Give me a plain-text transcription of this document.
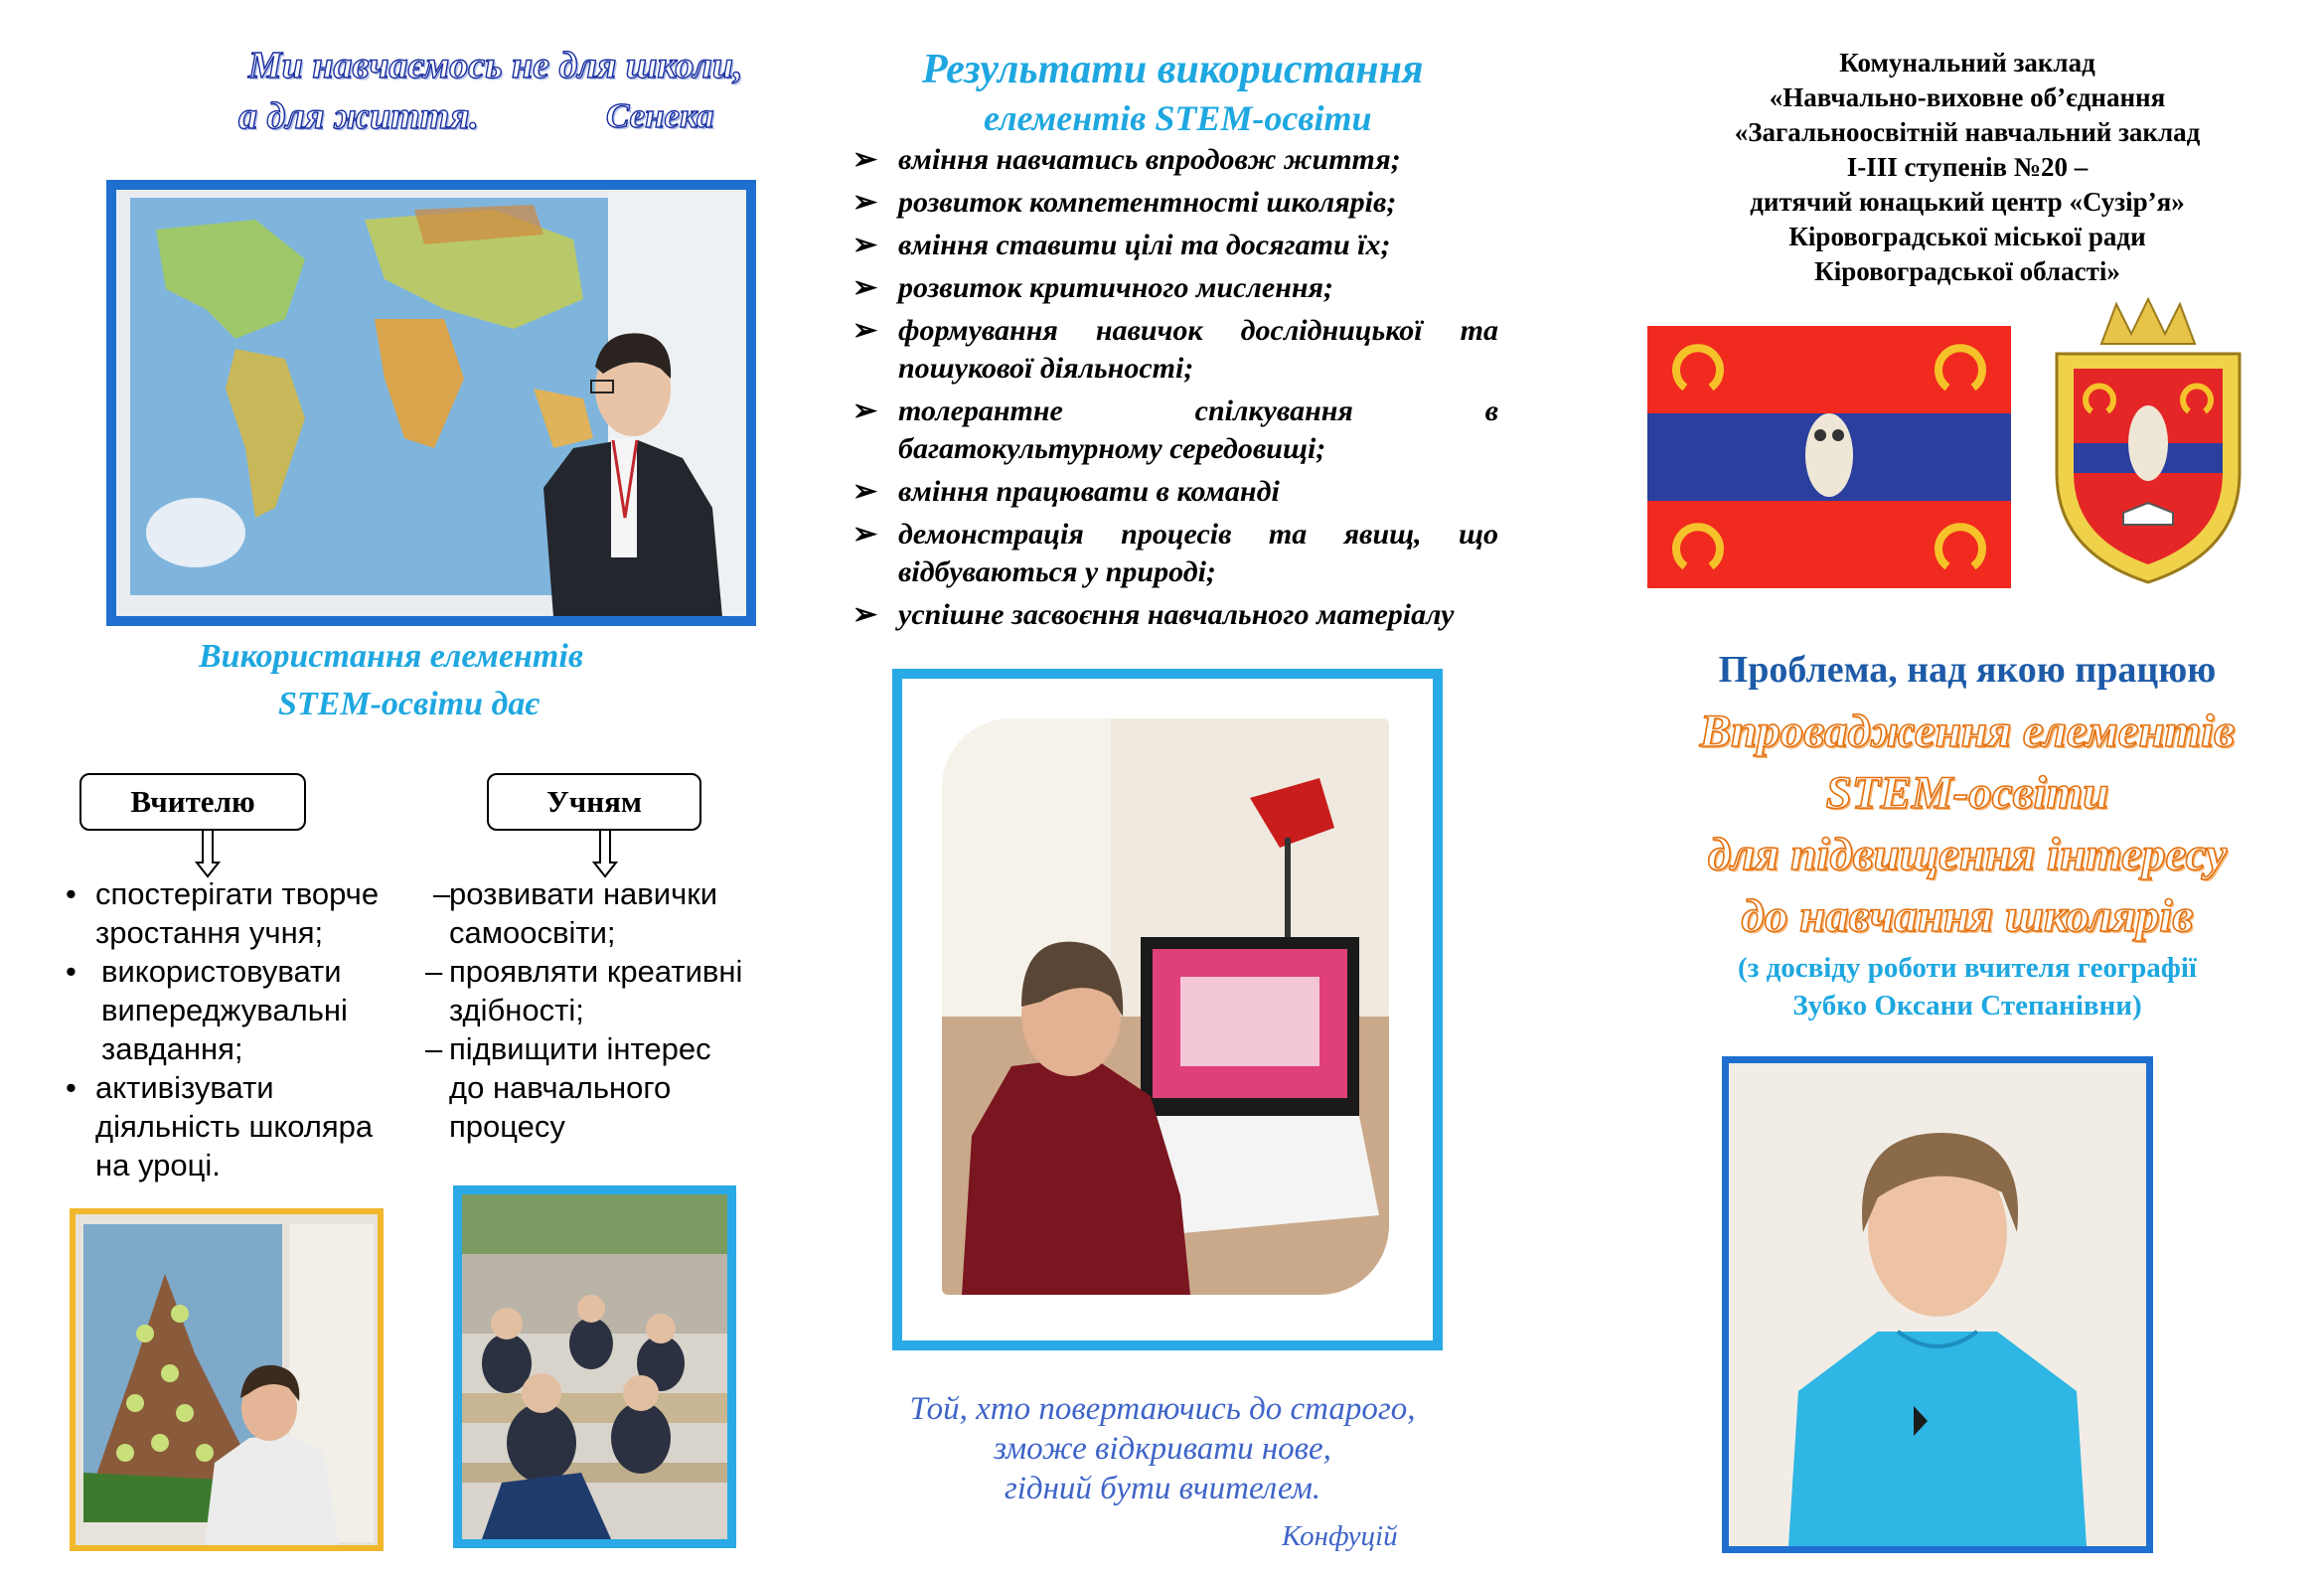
Ми навчаємось не для школи,
а для життя.	Сенека
Використання елементів
STEM-освіти дає
Вчителю	Учням
• спостерігати творче
зростання учня;
• використовувати
випереджувальні
завдання;
• активізувати
діяльність школяра
на уроці.
–
розвивати навички
самоосвіти;
– проявляти креативні
здібності;
– підвищити інтерес
до навчального
процесу
Результати використання
елементів STEM-освіти
➢ вміння навчатись впродовж життя;
➢ розвиток компетентності школярів;
➢ вміння ставити цілі та досягати їх;
➢ розвиток критичного мислення;
➢ формування навичок дослідницької та пошукової діяльності;
➢ толерантне спілкування в багатокультурному середовищі;
➢ вміння працювати в команді
➢ демонстрація процесів та явищ, що відбуваються у природі;
➢ успішне засвоєння навчального матеріалу
Той, хто повертаючись до старого,
зможе відкривати нове,
гідний бути вчителем.
Конфуцій
Комунальний заклад
«Навчально-виховне об’єднання
«Загальноосвітній навчальний заклад
І-ІІІ ступенів №20 –
дитячий юнацький центр «Сузір’я»
Кіровоградської міської ради
Кіровоградської області»
Проблема, над якою працюю
Впровадження елементів
STEM-освіти
для підвищення інтересу
до навчання школярів
(з досвіду роботи вчителя географії
Зубко Оксани Степанівни)
